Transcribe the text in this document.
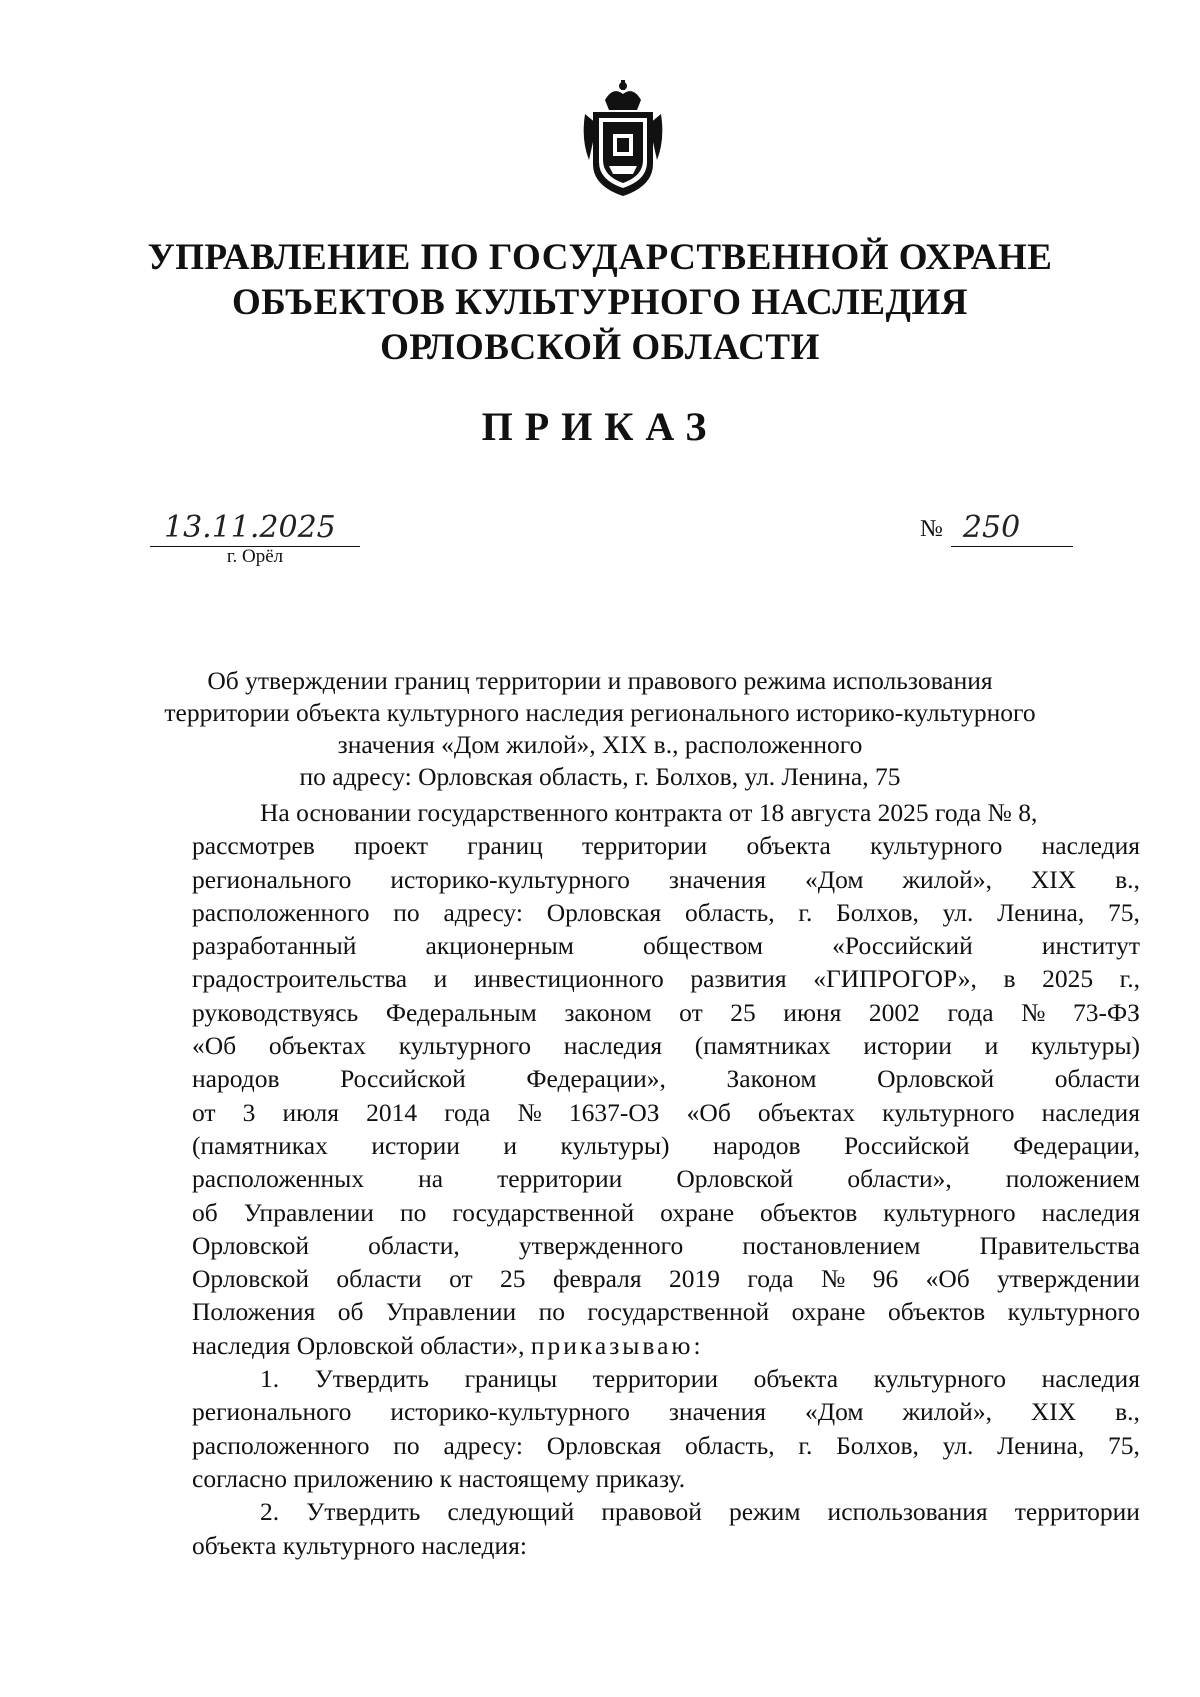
УПРАВЛЕНИЕ ПО ГОСУДАРСТВЕННОЙ ОХРАНЕ
ОБЪЕКТОВ КУЛЬТУРНОГО НАСЛЕДИЯ
ОРЛОВСКОЙ ОБЛАСТИ
ПРИКАЗ
13.11.2025
г. Орёл
№ 250
Об утверждении границ территории и правового режима использования
территории объекта культурного наследия регионального историко-культурного
значения «Дом жилой», XIX в., расположенного
по адресу: Орловская область, г. Болхов, ул. Ленина, 75
На основании государственного контракта от 18 августа 2025 года № 8,
рассмотрев проект границ территории объекта культурного наследия
регионального историко-культурного значения «Дом жилой», XIX в.,
расположенного по адресу: Орловская область, г. Болхов, ул. Ленина, 75,
разработанный	акционерным	обществом	«Российский	институт
градостроительства и инвестиционного развития «ГИПРОГОР», в 2025 г.,
руководствуясь Федеральным законом от 25 июня 2002 года № 73-ФЗ
«Об объектах культурного наследия (памятниках истории и культуры)
народов Российской Федерации», Законом Орловской области
от 3 июля 2014 года № 1637-ОЗ «Об объектах культурного наследия
(памятниках истории и культуры) народов Российской Федерации,
расположенных на территории Орловской области», положением
об Управлении по государственной охране объектов культурного наследия
Орловской области, утвержденного постановлением Правительства
Орловской области от 25 февраля 2019 года № 96 «Об утверждении
Положения об Управлении по государственной охране объектов культурного
наследия Орловской области»,
приказываю:
1. Утвердить границы территории объекта культурного наследия
регионального историко-культурного значения «Дом жилой», XIX в.,
расположенного по адресу: Орловская область, г. Болхов, ул. Ленина, 75,
согласно приложению к настоящему приказу.
2. Утвердить следующий правовой режим использования территории
объекта культурного наследия:
